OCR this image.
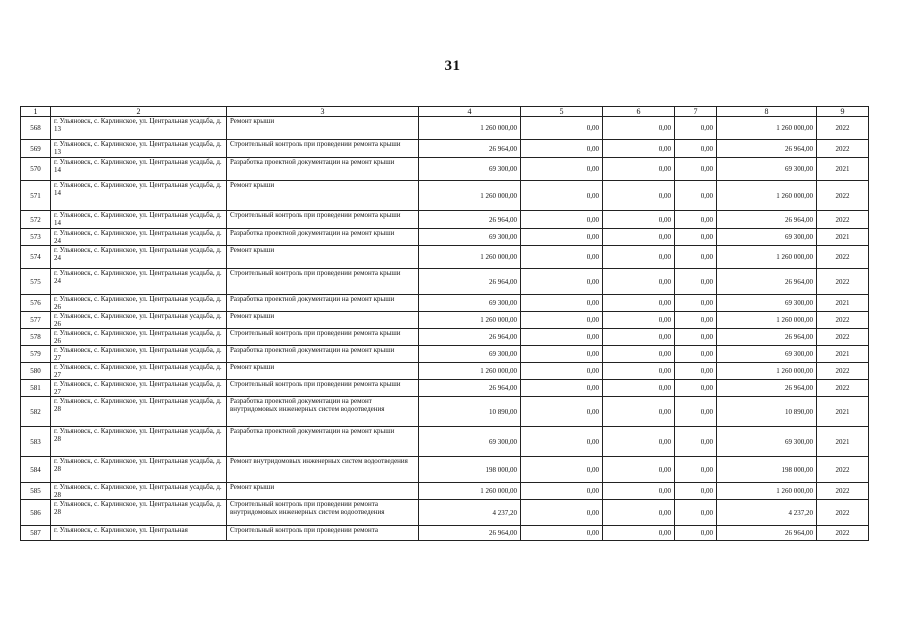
31
1	2	3	4	5	6	7	8	9
568	г. Ульяновск, с. Карлинское, ул. Центральная усадьба, д. 13	Ремонт крыши	1 260 000,00	0,00	0,00	0,00	1 260 000,00	2022
569	г. Ульяновск, с. Карлинское, ул. Центральная усадьба, д. 13	Строительный контроль при проведении ремонта крыши	26 964,00	0,00	0,00	0,00	26 964,00	2022
570	г. Ульяновск, с. Карлинское, ул. Центральная усадьба, д. 14	Разработка проектной документации на ремонт крыши	69 300,00	0,00	0,00	0,00	69 300,00	2021
571	г. Ульяновск, с. Карлинское, ул. Центральная усадьба, д. 14	Ремонт крыши	1 260 000,00	0,00	0,00	0,00	1 260 000,00	2022
572	г. Ульяновск, с. Карлинское, ул. Центральная усадьба, д. 14	Строительный контроль при проведении ремонта крыши	26 964,00	0,00	0,00	0,00	26 964,00	2022
573	г. Ульяновск, с. Карлинское, ул. Центральная усадьба, д. 24	Разработка проектной документации на ремонт крыши	69 300,00	0,00	0,00	0,00	69 300,00	2021
574	г. Ульяновск, с. Карлинское, ул. Центральная усадьба, д. 24	Ремонт крыши	1 260 000,00	0,00	0,00	0,00	1 260 000,00	2022
575	г. Ульяновск, с. Карлинское, ул. Центральная усадьба, д. 24	Строительный контроль при проведении ремонта крыши	26 964,00	0,00	0,00	0,00	26 964,00	2022
576	г. Ульяновск, с. Карлинское, ул. Центральная усадьба, д. 26	Разработка проектной документации на ремонт крыши	69 300,00	0,00	0,00	0,00	69 300,00	2021
577	г. Ульяновск, с. Карлинское, ул. Центральная усадьба, д. 26	Ремонт крыши	1 260 000,00	0,00	0,00	0,00	1 260 000,00	2022
578	г. Ульяновск, с. Карлинское, ул. Центральная усадьба, д. 26	Строительный контроль при проведении ремонта крыши	26 964,00	0,00	0,00	0,00	26 964,00	2022
579	г. Ульяновск, с. Карлинское, ул. Центральная усадьба, д. 27	Разработка проектной документации на ремонт крыши	69 300,00	0,00	0,00	0,00	69 300,00	2021
580	г. Ульяновск, с. Карлинское, ул. Центральная усадьба, д. 27	Ремонт крыши	1 260 000,00	0,00	0,00	0,00	1 260 000,00	2022
581	г. Ульяновск, с. Карлинское, ул. Центральная усадьба, д. 27	Строительный контроль при проведении ремонта крыши	26 964,00	0,00	0,00	0,00	26 964,00	2022
582	г. Ульяновск, с. Карлинское, ул. Центральная усадьба, д. 28	Разработка проектной документации на ремонт внутридомовых инженерных систем водоотведения	10 890,00	0,00	0,00	0,00	10 890,00	2021
583	г. Ульяновск, с. Карлинское, ул. Центральная усадьба, д. 28	Разработка проектной документации на ремонт крыши	69 300,00	0,00	0,00	0,00	69 300,00	2021
584	г. Ульяновск, с. Карлинское, ул. Центральная усадьба, д. 28	Ремонт внутридомовых инженерных систем водоотведения	198 000,00	0,00	0,00	0,00	198 000,00	2022
585	г. Ульяновск, с. Карлинское, ул. Центральная усадьба, д. 28	Ремонт крыши	1 260 000,00	0,00	0,00	0,00	1 260 000,00	2022
586	г. Ульяновск, с. Карлинское, ул. Центральная усадьба, д. 28	Строительный контроль при проведении ремонта внутридомовых инженерных систем водоотведения	4 237,20	0,00	0,00	0,00	4 237,20	2022
587	г. Ульяновск, с. Карлинское, ул. Центральная	Строительный контроль при проведении ремонта	26 964,00	0,00	0,00	0,00	26 964,00	2022
